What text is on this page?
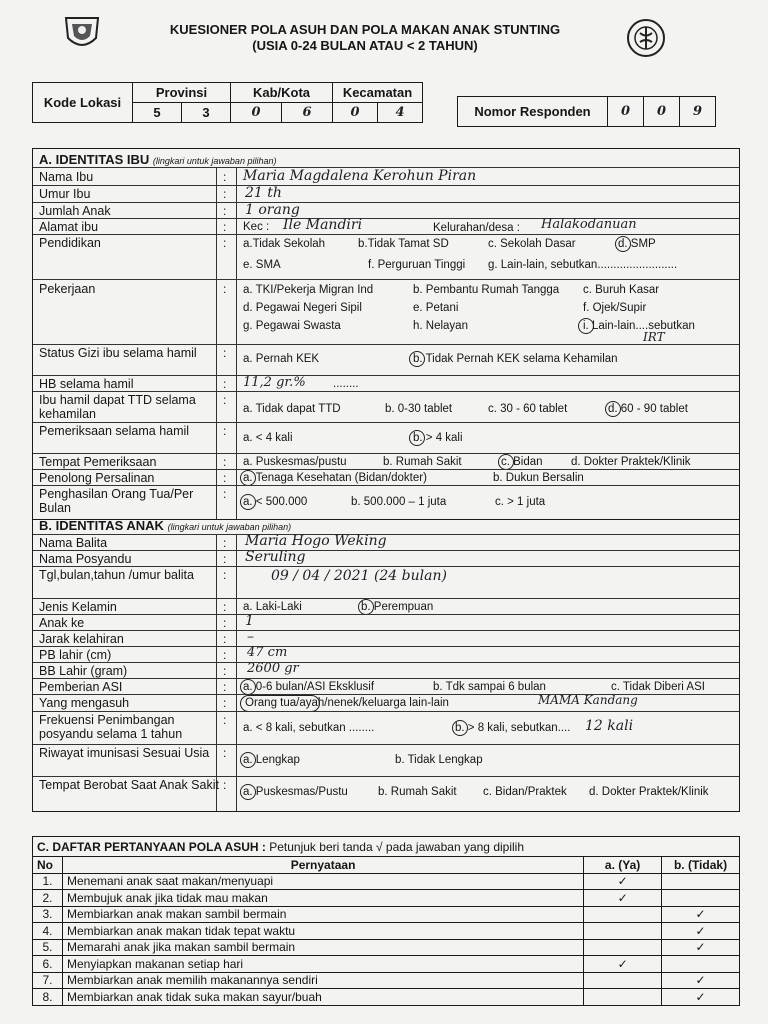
KUESIONER POLA ASUH DAN POLA MAKAN ANAK STUNTING
(USIA 0-24 BULAN ATAU < 2 TAHUN)
Kode Lokasi	Provinsi		Kab/Kota		Kecamatan	
	5	3	0	6	0	4	Nomor Responden	0	0	9
A. IDENTITAS IBU (lingkari untuk jawaban pilihan)
Nama Ibu	: Maria Magdalena Kerohun Piran
Umur Ibu	: 21 th
Jumlah Anak	: 1 orang
Alamat ibu	: Kec : Ile Mandiri	Kelurahan/desa : Halakodanuan
Pendidikan	: a.Tidak Sekolah	b.Tidak Tamat SD	c. Sekolah Dasar	d. SMP
e. SMA	f. Perguruan Tinggi g. Lain-lain, sebutkan.........................
Pekerjaan	: a. TKI/Pekerja Migran Ind	b. Pembantu Rumah Tangga c. Buruh Kasar
d. Pegawai Negeri Sipil	e. Petani	f. Ojek/Supir
g. Pegawai Swasta	h. Nelayan	i. Lain-lain....sebutkan
IRT
Status Gizi ibu selama hamil	: a. Pernah KEK	b. Tidak Pernah KEK selama Kehamilan
HB selama hamil	: 11,2 gr.% ........
Ibu hamil dapat TTD selama kehamilan
:
a. Tidak dapat TTD	b. 0-30 tablet	c. 30 - 60 tablet	d. 60 - 90 tablet
Pemeriksaan selama hamil	: a. < 4 kali	b. > 4 kali
Tempat Pemeriksaan	: a. Puskesmas/pustu	b. Rumah Sakit	c. Bidan d. Dokter Praktek/Klinik
Penolong Persalinan	: a. Tenaga Kesehatan (Bidan/dokter)	b. Dukun Bersalin
Penghasilan Orang Tua/Per Bulan
:
a. < 500.000	b. 500.000 – 1 juta	c. > 1 juta
B. IDENTITAS ANAK (lingkari untuk jawaban pilihan)
Nama Balita	: Maria Hogo Weking
Nama Posyandu	: Seruling
Tgl,bulan,tahun /umur balita	:	09 / 04 / 2021 (24 bulan)
Jenis Kelamin	: a. Laki-Laki	b. Perempuan
Anak ke	: 1
Jarak kelahiran	: –
PB lahir (cm)	: 47 cm
BB Lahir (gram)	: 2600 gr
Pemberian ASI	: a. 0-6 bulan/ASI Eksklusif	b. Tdk sampai 6 bulan	c. Tidak Diberi ASI
Yang mengasuh	: Orang tua/ayah/nenek/keluarga lain-lain	MAMA Kandang
Frekuensi Penimbangan posyandu selama 1 tahun
:
a. < 8 kali, sebutkan ........	b. > 8 kali, sebutkan.... 12 kali
Riwayat imunisasi Sesuai Usia	: a. Lengkap	b. Tidak Lengkap
Tempat Berobat Saat Anak Sakit : a. Puskesmas/Pustu	b. Rumah Sakit c. Bidan/Praktek d. Dokter Praktek/Klinik
C. DAFTAR PERTANYAAN POLA ASUH : Petunjuk beri tanda √ pada jawaban yang dipilih			
No	Pernyataan	a. (Ya)	b. (Tidak)
1.	Menemani anak saat makan/menyuapi	✓	
2.	Membujuk anak jika tidak mau makan	✓	
3.	Membiarkan anak makan sambil bermain		✓
4.	Membiarkan anak makan tidak tepat waktu		✓
5.	Memarahi anak jika makan sambil bermain		✓
6.	Menyiapkan makanan setiap hari	✓	
7.	Membiarkan anak memilih makanannya sendiri		✓
8.	Membiarkan anak tidak suka makan sayur/buah		✓
